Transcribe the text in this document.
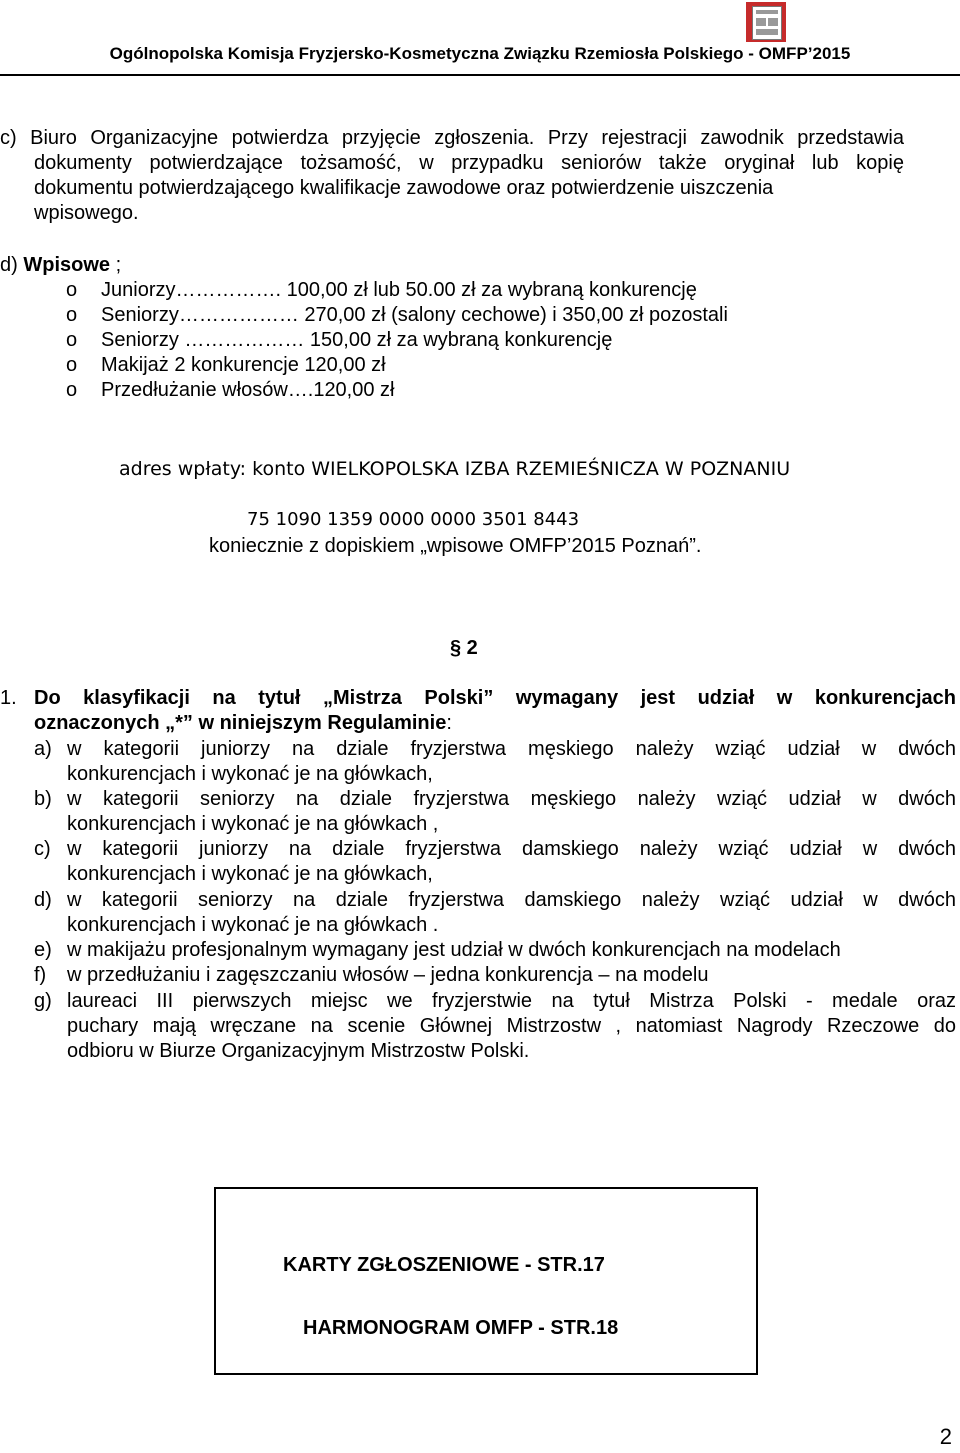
Ogólnopolska Komisja Fryzjersko-Kosmetyczna Związku Rzemiosła Polskiego - OMFP’2015
c) Biuro Organizacyjne potwierdza przyjęcie zgłoszenia. Przy rejestracji zawodnik przedstawia
dokumenty potwierdzające tożsamość, w przypadku seniorów także oryginał lub kopię
dokumentu potwierdzającego kwalifikacje zawodowe oraz potwierdzenie uiszczenia
wpisowego.
d) Wpisowe ;
o Juniorzy……………. 100,00 zł lub 50.00 zł za wybraną konkurencję
o Seniorzy……………… 270,00 zł (salony cechowe) i 350,00 zł pozostali
o Seniorzy ……………… 150,00 zł za wybraną konkurencję
o Makijaż 2 konkurencje 120,00 zł
o Przedłużanie włosów….120,00 zł
adres wpłaty: konto WIELKOPOLSKA IZBA RZEMIEŚNICZA W POZNANIU
75 1090 1359 0000 0000 3501 8443
koniecznie z dopiskiem „wpisowe OMFP’2015 Poznań”.
§ 2
1. Do klasyfikacji na tytuł „Mistrza Polski” wymagany jest udział w konkurencjach
oznaczonych „*” w niniejszym Regulaminie:
a) w kategorii juniorzy na dziale fryzjerstwa męskiego należy wziąć udział w dwóch
konkurencjach i wykonać je na główkach,
b) w kategorii seniorzy na dziale fryzjerstwa męskiego należy wziąć udział w dwóch
konkurencjach i wykonać je na główkach ,
c) w kategorii juniorzy na dziale fryzjerstwa damskiego należy wziąć udział w dwóch
konkurencjach i wykonać je na główkach,
d) w kategorii seniorzy na dziale fryzjerstwa damskiego należy wziąć udział w dwóch
konkurencjach i wykonać je na główkach .
e) w makijażu profesjonalnym wymagany jest udział w dwóch konkurencjach na modelach
f) w przedłużaniu i zagęszczaniu włosów – jedna konkurencja – na modelu
g) laureaci III pierwszych miejsc we fryzjerstwie na tytuł Mistrza Polski - medale oraz
puchary mają wręczane na scenie Głównej Mistrzostw , natomiast Nagrody Rzeczowe do
odbioru w Biurze Organizacyjnym Mistrzostw Polski.
KARTY ZGŁOSZENIOWE - STR.17
HARMONOGRAM OMFP - STR.18
2
